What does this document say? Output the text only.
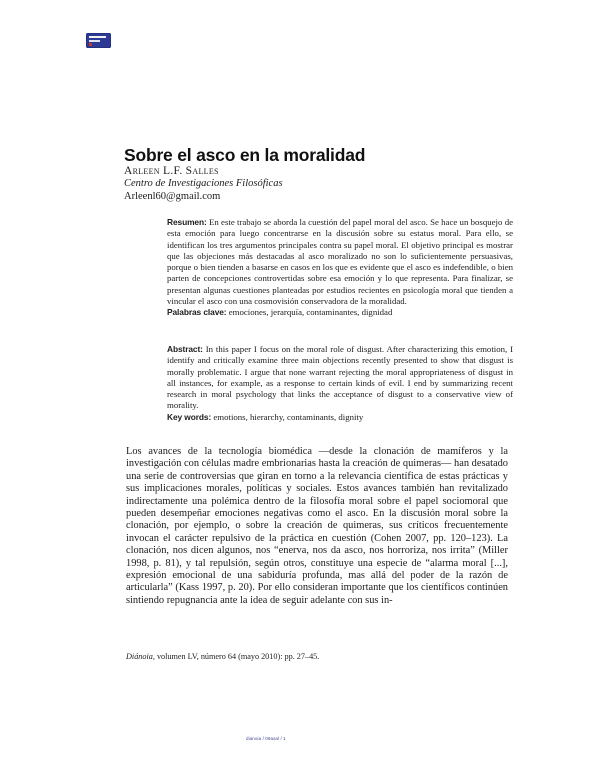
Sobre el asco en la moralidad
Arleen L.F. Salles
Centro de Investigaciones Filosóficas
Arleenl60@gmail.com

Resumen: En este trabajo se aborda la cuestión del papel moral del asco. Se hace un bosquejo de esta emoción para luego concentrarse en la discusión sobre su estatus moral. Para ello, se identifican los tres argumentos principales contra su papel moral. El objetivo principal es mostrar que las objeciones más destacadas al asco moralizado no son lo suficientemente persuasivas, porque o bien tienden a basarse en casos en los que es evidente que el asco es indefendible, o bien parten de concepciones controvertidas sobre esa emoción y lo que representa. Para finalizar, se presentan algunas cuestiones planteadas por estudios recientes en psicología moral que tienden a vincular el asco con una cosmovisión conservadora de la moralidad.

Palabras clave: emociones, jerarquía, contaminantes, dignidad

Abstract: In this paper I focus on the moral role of disgust. After characterizing this emotion, I identify and critically examine three main objections recently presented to show that disgust is morally problematic. I argue that none warrant rejecting the moral appropriateness of disgust in all instances, for example, as a response to certain kinds of evil. I end by summarizing recent research in moral psychology that links the acceptance of disgust to a conservative view of morality.

Key words: emotions, hierarchy, contaminants, dignity

Los avances de la tecnología biomédica —desde la clonación de mamíferos y la investigación con células madre embrionarias hasta la creación de quimeras— han desatado una serie de controversias que giran en torno a la relevancia científica de estas prácticas y sus implicaciones morales, políticas y sociales. Estos avances también han revitalizado indirectamente una polémica dentro de la filosofía moral sobre el papel sociomoral que pueden desempeñar emociones negativas como el asco. En la discusión moral sobre la clonación, por ejemplo, o sobre la creación de quimeras, sus críticos frecuentemente invocan el carácter repulsivo de la práctica en cuestión (Cohen 2007, pp. 120–123). La clonación, nos dicen algunos, nos “enerva, nos da asco, nos horroriza, nos irrita” (Miller 1998, p. 81), y tal repulsión, según otros, constituye una especie de “alarma moral [...], expresión emocional de una sabiduría profunda, mas allá del poder de la razón de articularla” (Kass 1997, p. 20). Por ello consideran importante que los científicos continúen sintiendo repugnancia ante la idea de seguir adelante con sus in-

Diánoia, volumen LV, número 64 (mayo 2010): pp. 27–45.
dianoia / 09asal / 1
